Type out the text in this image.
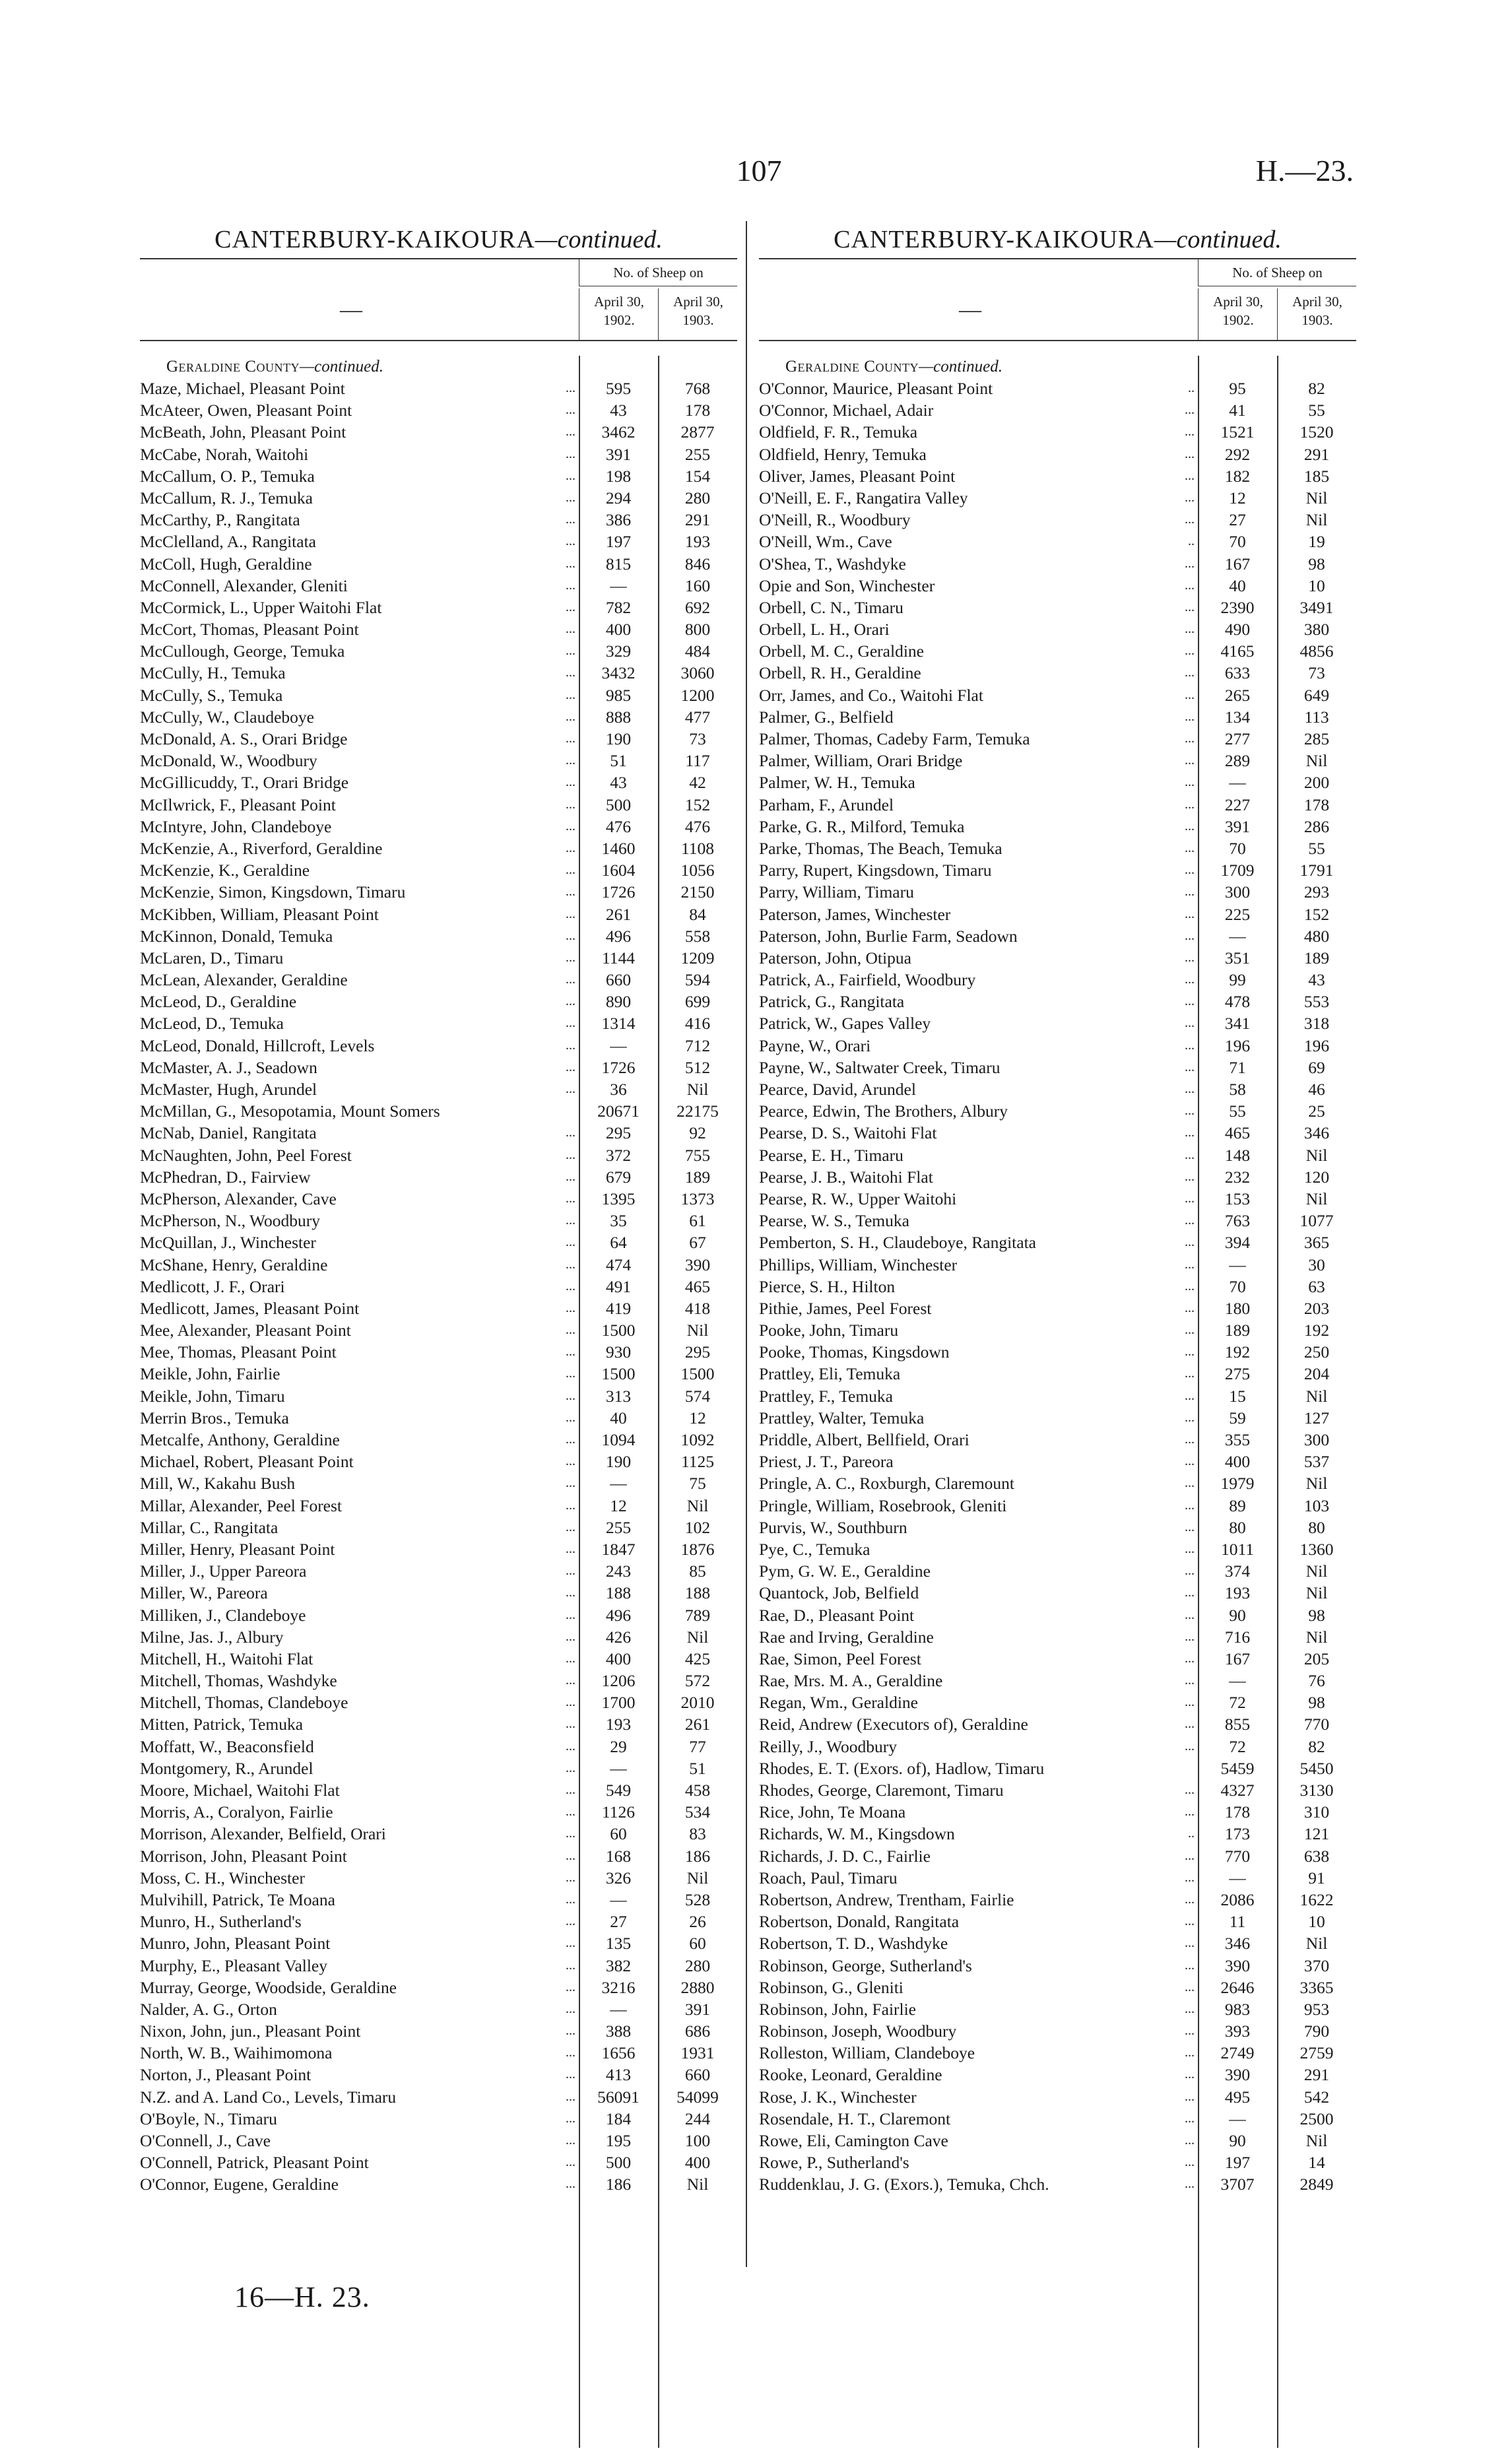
107	H.—23.
CANTERBURY-KAIKOURA—continued.
—
No. of Sheep on
April 30, 1902.
April 30, 1903.
Geraldine County—continued.
Maze, Michael, Pleasant Point	...	595	768
McAteer, Owen, Pleasant Point	...	43	178
McBeath, John, Pleasant Point	...	3462	2877
McCabe, Norah, Waitohi	...	391	255
McCallum, O. P., Temuka	...	198	154
McCallum, R. J., Temuka	...	294	280
McCarthy, P., Rangitata	...	386	291
McClelland, A., Rangitata	...	197	193
McColl, Hugh, Geraldine	...	815	846
McConnell, Alexander, Gleniti	...	—	160
McCormick, L., Upper Waitohi Flat	...	782	692
McCort, Thomas, Pleasant Point	...	400	800
McCullough, George, Temuka	...	329	484
McCully, H., Temuka	...	3432	3060
McCully, S., Temuka	...	985	1200
McCully, W., Claudeboye	...	888	477
McDonald, A. S., Orari Bridge	...	190	73
McDonald, W., Woodbury	...	51	117
McGillicuddy, T., Orari Bridge	...	43	42
McIlwrick, F., Pleasant Point	...	500	152
McIntyre, John, Clandeboye	...	476	476
McKenzie, A., Riverford, Geraldine	...	1460	1108
McKenzie, K., Geraldine	...	1604	1056
McKenzie, Simon, Kingsdown, Timaru	...	1726	2150
McKibben, William, Pleasant Point	...	261	84
McKinnon, Donald, Temuka	...	496	558
McLaren, D., Timaru	...	1144	1209
McLean, Alexander, Geraldine	...	660	594
McLeod, D., Geraldine	...	890	699
McLeod, D., Temuka	...	1314	416
McLeod, Donald, Hillcroft, Levels	...	—	712
McMaster, A. J., Seadown	...	1726	512
McMaster, Hugh, Arundel	...	36	Nil
McMillan, G., Mesopotamia, Mount Somers	20671	22175
McNab, Daniel, Rangitata	...	295	92
McNaughten, John, Peel Forest	...	372	755
McPhedran, D., Fairview	...	679	189
McPherson, Alexander, Cave	...	1395	1373
McPherson, N., Woodbury	...	35	61
McQuillan, J., Winchester	...	64	67
McShane, Henry, Geraldine	...	474	390
Medlicott, J. F., Orari	...	491	465
Medlicott, James, Pleasant Point	...	419	418
Mee, Alexander, Pleasant Point	...	1500	Nil
Mee, Thomas, Pleasant Point	...	930	295
Meikle, John, Fairlie	...	1500	1500
Meikle, John, Timaru	...	313	574
Merrin Bros., Temuka	...	40	12
Metcalfe, Anthony, Geraldine	...	1094	1092
Michael, Robert, Pleasant Point	...	190	1125
Mill, W., Kakahu Bush	...	—	75
Millar, Alexander, Peel Forest	...	12	Nil
Millar, C., Rangitata	...	255	102
Miller, Henry, Pleasant Point	...	1847	1876
Miller, J., Upper Pareora	...	243	85
Miller, W., Pareora	...	188	188
Milliken, J., Clandeboye	...	496	789
Milne, Jas. J., Albury	...	426	Nil
Mitchell, H., Waitohi Flat	...	400	425
Mitchell, Thomas, Washdyke	...	1206	572
Mitchell, Thomas, Clandeboye	...	1700	2010
Mitten, Patrick, Temuka	...	193	261
Moffatt, W., Beaconsfield	...	29	77
Montgomery, R., Arundel	...	—	51
Moore, Michael, Waitohi Flat	...	549	458
Morris, A., Coralyon, Fairlie	...	1126	534
Morrison, Alexander, Belfield, Orari	...	60	83
Morrison, John, Pleasant Point	...	168	186
Moss, C. H., Winchester	...	326	Nil
Mulvihill, Patrick, Te Moana	...	—	528
Munro, H., Sutherland's	...	27	26
Munro, John, Pleasant Point	...	135	60
Murphy, E., Pleasant Valley	...	382	280
Murray, George, Woodside, Geraldine	...	3216	2880
Nalder, A. G., Orton	...	—	391
Nixon, John, jun., Pleasant Point	...	388	686
North, W. B., Waihimomona	...	1656	1931
Norton, J., Pleasant Point	...	413	660
N.Z. and A. Land Co., Levels, Timaru	...	56091	54099
O'Boyle, N., Timaru	...	184	244
O'Connell, J., Cave	...	195	100
O'Connell, Patrick, Pleasant Point	...	500	400
O'Connor, Eugene, Geraldine	...	186	Nil
CANTERBURY-KAIKOURA—continued.
—
No. of Sheep on
April 30, 1902.
April 30, 1903.
Geraldine County—continued.
O'Connor, Maurice, Pleasant Point	..	95	82
O'Connor, Michael, Adair	...	41	55
Oldfield, F. R., Temuka	...	1521	1520
Oldfield, Henry, Temuka	...	292	291
Oliver, James, Pleasant Point	...	182	185
O'Neill, E. F., Rangatira Valley	...	12	Nil
O'Neill, R., Woodbury	...	27	Nil
O'Neill, Wm., Cave	..	70	19
O'Shea, T., Washdyke	...	167	98
Opie and Son, Winchester	...	40	10
Orbell, C. N., Timaru	...	2390	3491
Orbell, L. H., Orari	...	490	380
Orbell, M. C., Geraldine	...	4165	4856
Orbell, R. H., Geraldine	...	633	73
Orr, James, and Co., Waitohi Flat	...	265	649
Palmer, G., Belfield	...	134	113
Palmer, Thomas, Cadeby Farm, Temuka	...	277	285
Palmer, William, Orari Bridge	...	289	Nil
Palmer, W. H., Temuka	...	—	200
Parham, F., Arundel	...	227	178
Parke, G. R., Milford, Temuka	...	391	286
Parke, Thomas, The Beach, Temuka	...	70	55
Parry, Rupert, Kingsdown, Timaru	...	1709	1791
Parry, William, Timaru	...	300	293
Paterson, James, Winchester	...	225	152
Paterson, John, Burlie Farm, Seadown	...	—	480
Paterson, John, Otipua	...	351	189
Patrick, A., Fairfield, Woodbury	...	99	43
Patrick, G., Rangitata	...	478	553
Patrick, W., Gapes Valley	...	341	318
Payne, W., Orari	...	196	196
Payne, W., Saltwater Creek, Timaru	...	71	69
Pearce, David, Arundel	...	58	46
Pearce, Edwin, The Brothers, Albury	...	55	25
Pearse, D. S., Waitohi Flat	...	465	346
Pearse, E. H., Timaru	...	148	Nil
Pearse, J. B., Waitohi Flat	...	232	120
Pearse, R. W., Upper Waitohi	...	153	Nil
Pearse, W. S., Temuka	...	763	1077
Pemberton, S. H., Claudeboye, Rangitata	...	394	365
Phillips, William, Winchester	...	—	30
Pierce, S. H., Hilton	...	70	63
Pithie, James, Peel Forest	...	180	203
Pooke, John, Timaru	...	189	192
Pooke, Thomas, Kingsdown	...	192	250
Prattley, Eli, Temuka	...	275	204
Prattley, F., Temuka	...	15	Nil
Prattley, Walter, Temuka	...	59	127
Priddle, Albert, Bellfield, Orari	...	355	300
Priest, J. T., Pareora	...	400	537
Pringle, A. C., Roxburgh, Claremount	...	1979	Nil
Pringle, William, Rosebrook, Gleniti	...	89	103
Purvis, W., Southburn	...	80	80
Pye, C., Temuka	...	1011	1360
Pym, G. W. E., Geraldine	...	374	Nil
Quantock, Job, Belfield	...	193	Nil
Rae, D., Pleasant Point	...	90	98
Rae and Irving, Geraldine	...	716	Nil
Rae, Simon, Peel Forest	...	167	205
Rae, Mrs. M. A., Geraldine	...	—	76
Regan, Wm., Geraldine	...	72	98
Reid, Andrew (Executors of), Geraldine	...	855	770
Reilly, J., Woodbury	...	72	82
Rhodes, E. T. (Exors. of), Hadlow, Timaru	5459	5450
Rhodes, George, Claremont, Timaru	...	4327	3130
Rice, John, Te Moana	...	178	310
Richards, W. M., Kingsdown	..	173	121
Richards, J. D. C., Fairlie	...	770	638
Roach, Paul, Timaru	...	—	91
Robertson, Andrew, Trentham, Fairlie	...	2086	1622
Robertson, Donald, Rangitata	...	11	10
Robertson, T. D., Washdyke	...	346	Nil
Robinson, George, Sutherland's	...	390	370
Robinson, G., Gleniti	...	2646	3365
Robinson, John, Fairlie	...	983	953
Robinson, Joseph, Woodbury	...	393	790
Rolleston, William, Clandeboye	...	2749	2759
Rooke, Leonard, Geraldine	...	390	291
Rose, J. K., Winchester	...	495	542
Rosendale, H. T., Claremont	...	—	2500
Rowe, Eli, Camington Cave	...	90	Nil
Rowe, P., Sutherland's	...	197	14
Ruddenklau, J. G. (Exors.), Temuka, Chch.	...	3707	2849
16—H. 23.
